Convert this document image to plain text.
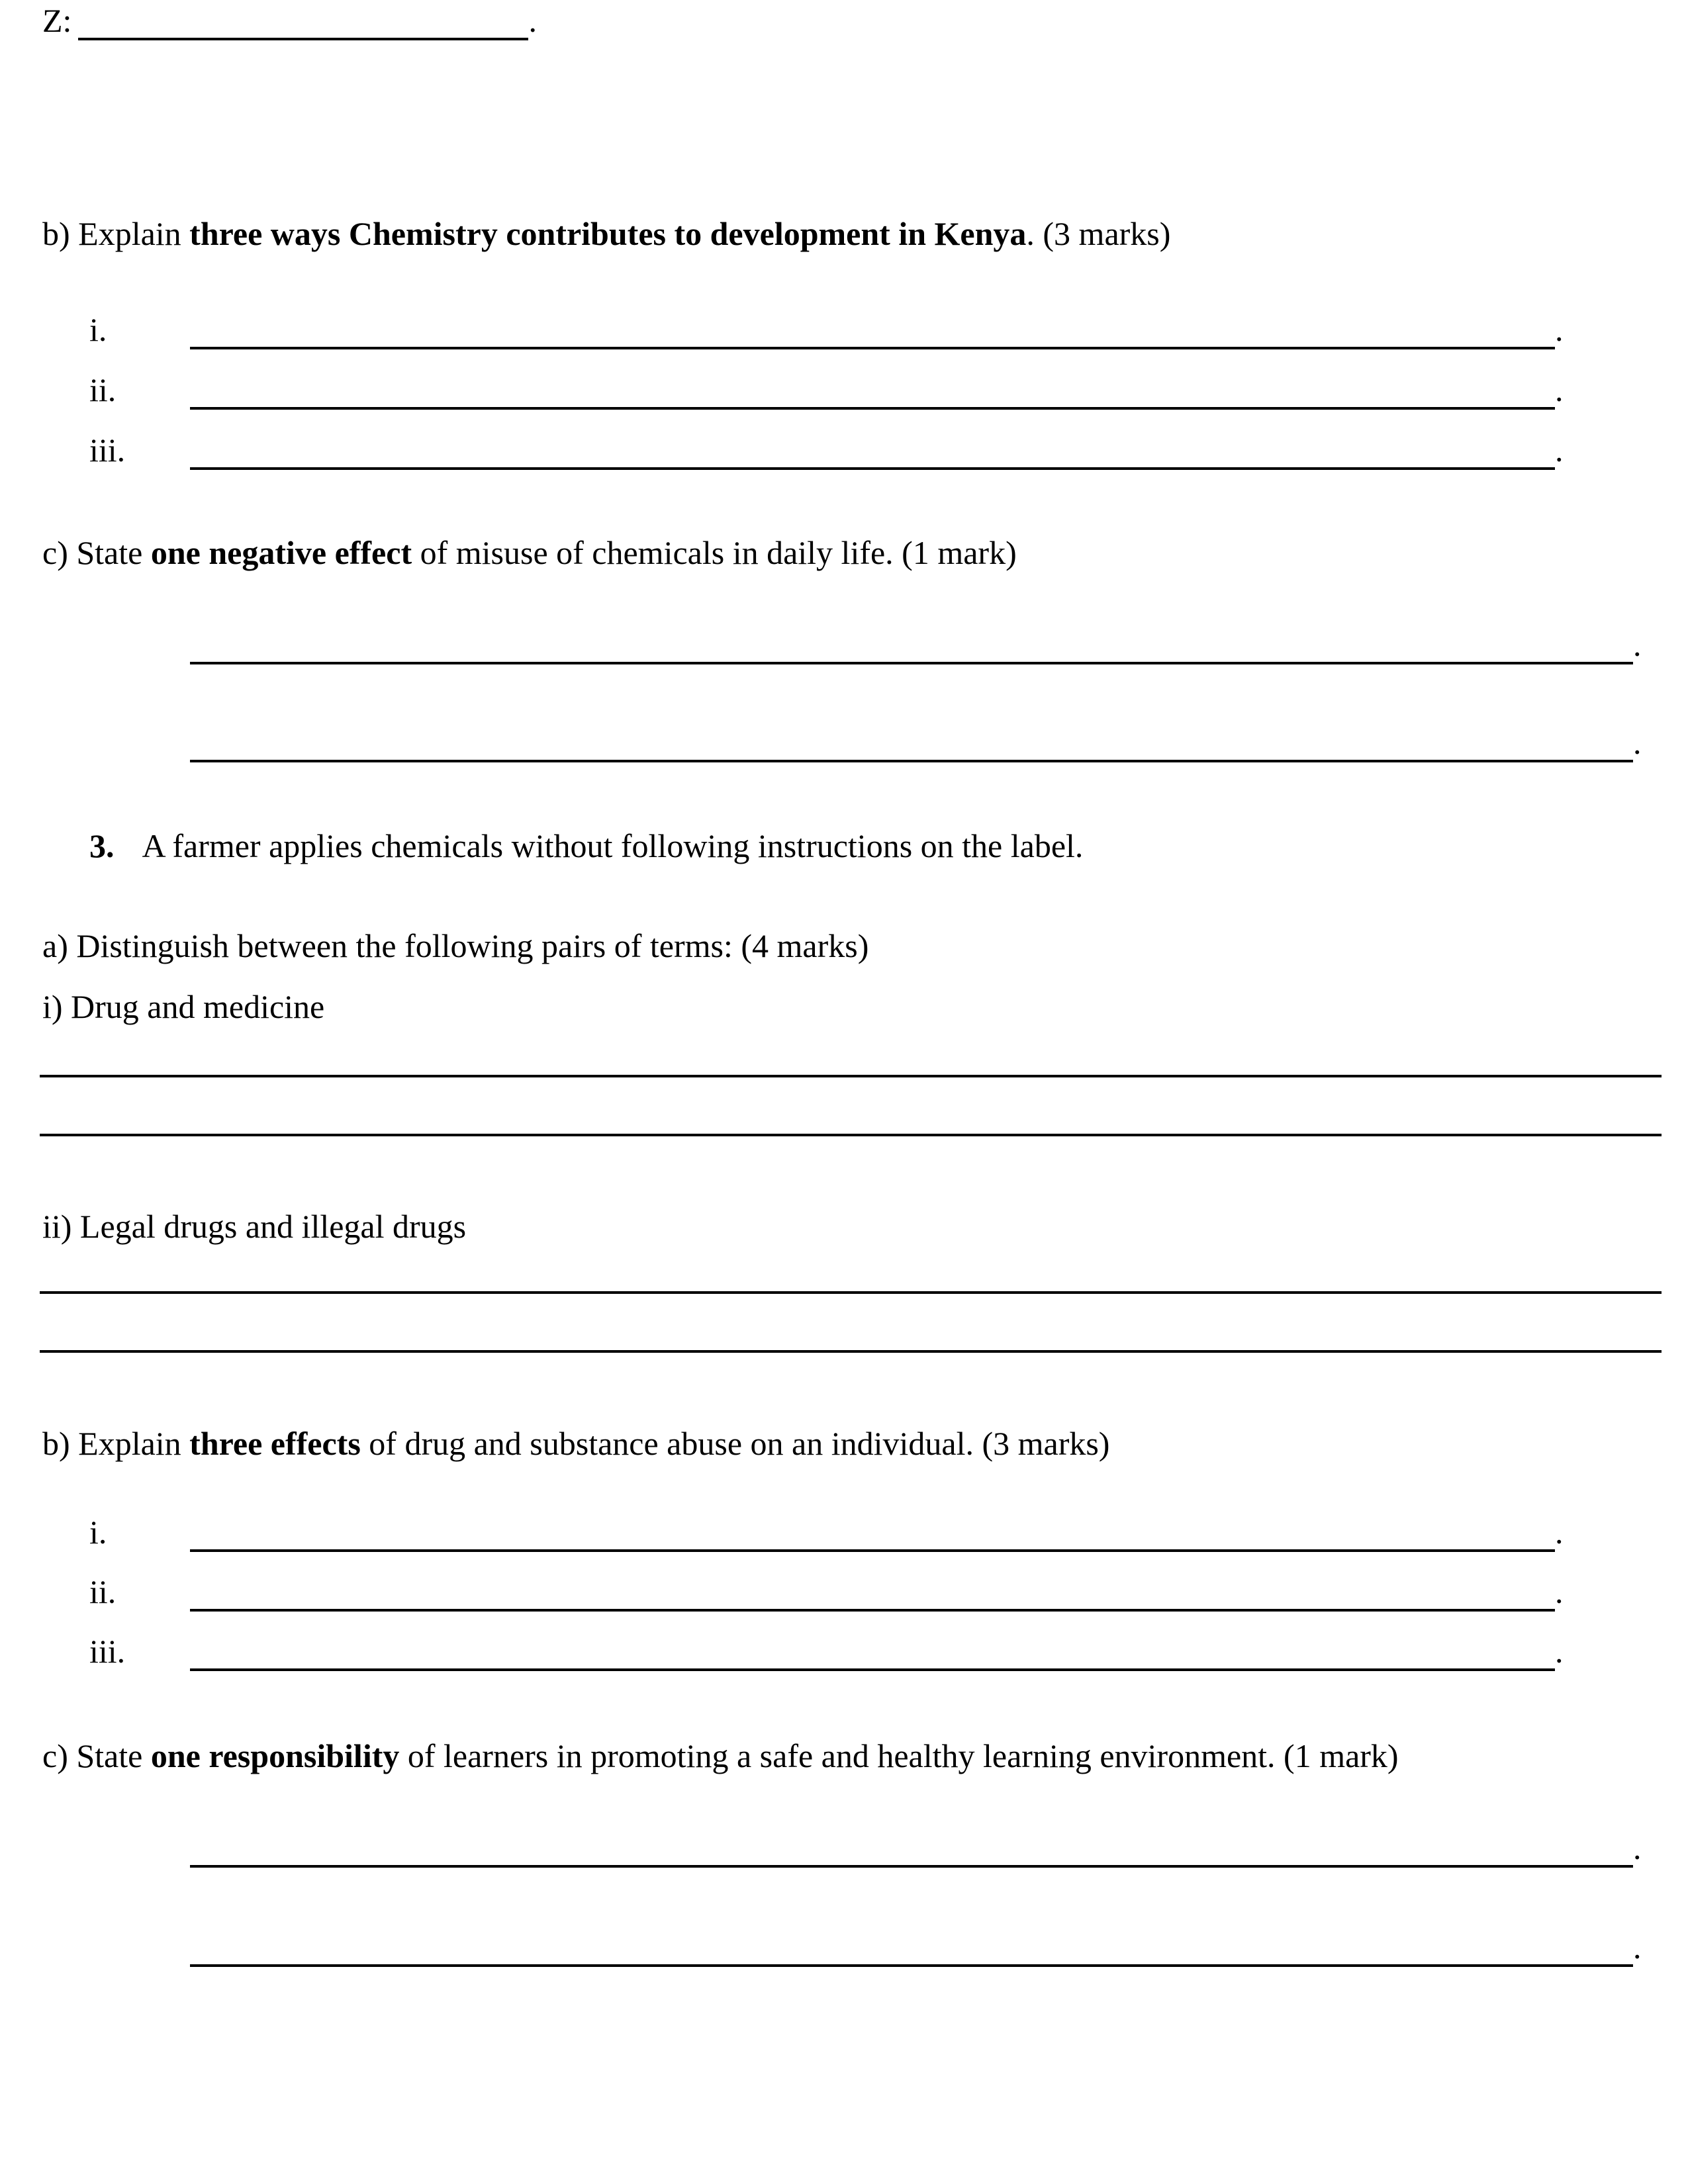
Z:	.
b) Explain three ways Chemistry contributes to development in Kenya. (3 marks)
i.	.
ii.	.
iii.	.
c) State one negative effect of misuse of chemicals in daily life. (1 mark)
.
.
3. A farmer applies chemicals without following instructions on the label.
a) Distinguish between the following pairs of terms: (4 marks)
i) Drug and medicine
ii) Legal drugs and illegal drugs
b) Explain three effects of drug and substance abuse on an individual. (3 marks)
i.	.
ii.	.
iii.	.
c) State one responsibility of learners in promoting a safe and healthy learning environment. (1 mark)
.
.
